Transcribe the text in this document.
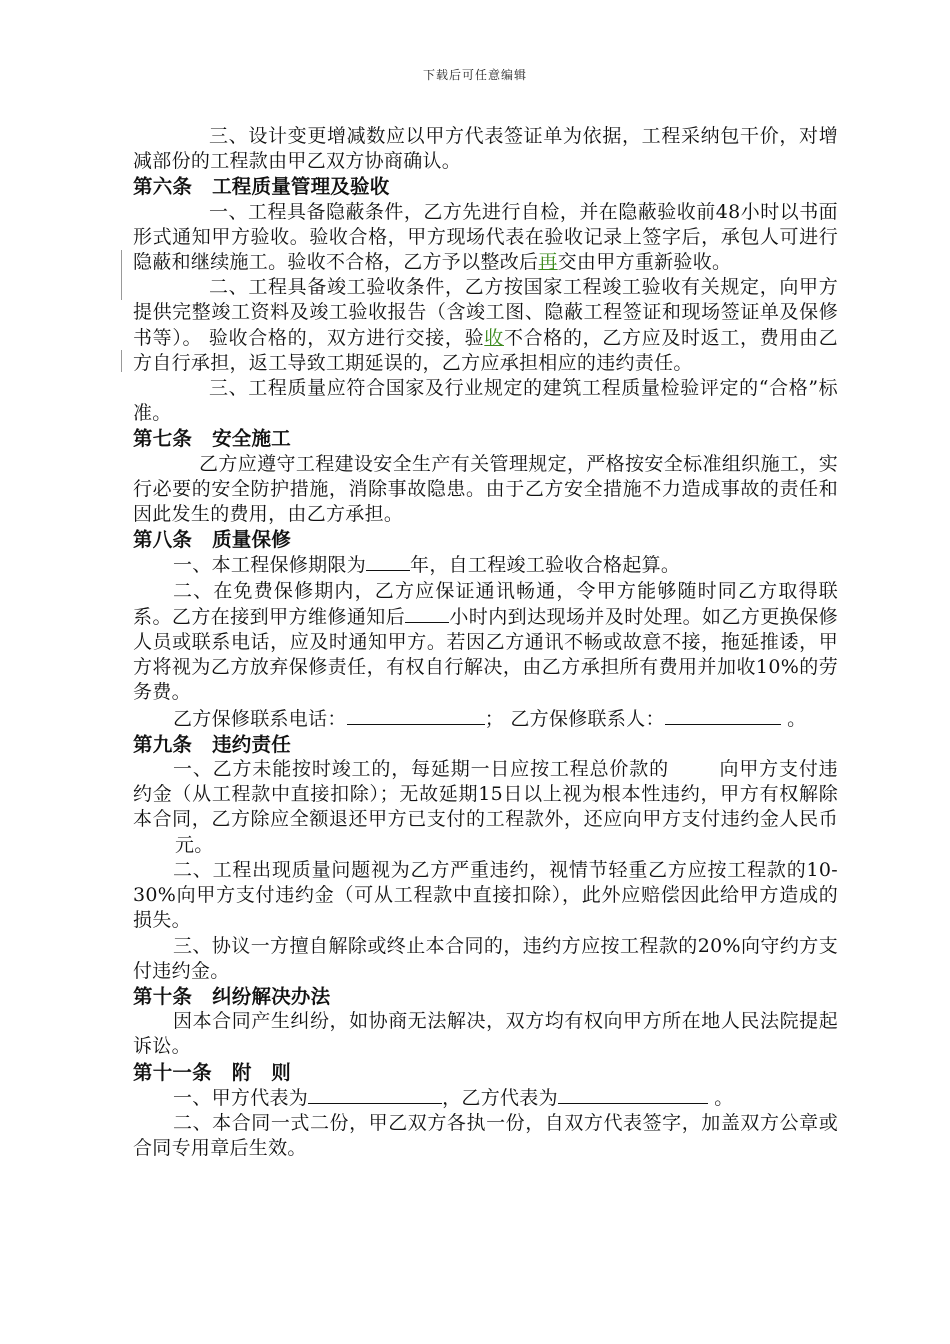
下载后可任意编辑

三、设计变更增减数应以甲方代表签证单为依据，工程采纳包干价，对增减部份的工程款由甲乙双方协商确认。

第六条 工程质量管理及验收

一、工程具备隐蔽条件，乙方先进行自检，并在隐蔽验收前48小时以书面形式通知甲方验收。验收合格，甲方现场代表在验收记录上签字后，承包人可进行隐蔽和继续施工。验收不合格，乙方予以整改后再交由甲方重新验收。

二、工程具备竣工验收条件，乙方按国家工程竣工验收有关规定，向甲方提供完整竣工资料及竣工验收报告（含竣工图、隐蔽工程签证和现场签证单及保修书等）。 验收合格的，双方进行交接，验收不合格的，乙方应及时返工，费用由乙方自行承担，返工导致工期延误的，乙方应承担相应的违约责任。

三、工程质量应符合国家及行业规定的建筑工程质量检验评定的“合格”标准。

第七条 安全施工

乙方应遵守工程建设安全生产有关管理规定，严格按安全标准组织施工，实行必要的安全防护措施，消除事故隐患。由于乙方安全措施不力造成事故的责任和因此发生的费用，由乙方承担。

第八条 质量保修

一、本工程保修期限为 年，自工程竣工验收合格起算。

二、在免费保修期内，乙方应保证通讯畅通，令甲方能够随时同乙方取得联系。乙方在接到甲方维修通知后 小时内到达现场并及时处理。如乙方更换保修人员或联系电话，应及时通知甲方。若因乙方通讯不畅或故意不接，拖延推诿，甲方将视为乙方放弃保修责任，有权自行解决，由乙方承担所有费用并加收10%的劳务费。

乙方保修联系电话：	； 乙方保修联系人：	。

第九条 违约责任

一、乙方未能按时竣工的，每延期一日应按工程总价款的	向甲方支付违约金（从工程款中直接扣除）；无故延期15日以上视为根本性违约，甲方有权解除本合同，乙方除应全额退还甲方已支付的工程款外，还应向甲方支付违约金人民币元。

二、工程出现质量问题视为乙方严重违约，视情节轻重乙方应按工程款的10-30%向甲方支付违约金（可从工程款中直接扣除），此外应赔偿因此给甲方造成的损失。

三、协议一方擅自解除或终止本合同的，违约方应按工程款的20%向守约方支付违约金。

第十条 纠纷解决办法

因本合同产生纠纷，如协商无法解决，双方均有权向甲方所在地人民法院提起诉讼。

第十一条 附　则

一、甲方代表为	，乙方代表为	。

二、本合同一式二份，甲乙双方各执一份，自双方代表签字，加盖双方公章或合同专用章后生效。
